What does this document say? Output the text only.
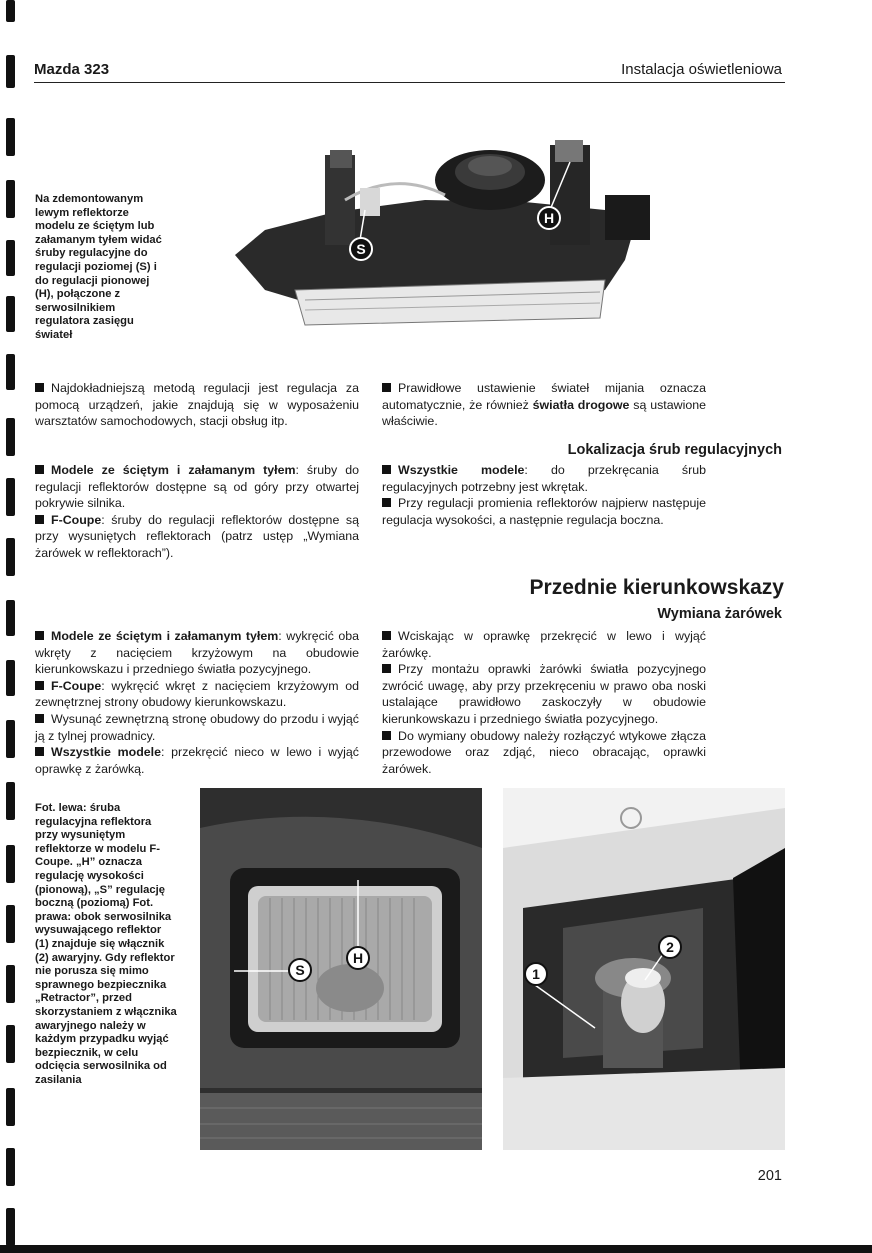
Mazda 323	Instalacja oświetleniowa
Na zdemontowanym lewym reflektorze modelu ze ściętym lub załamanym tyłem widać śruby regulacyjne do regulacji poziomej (S) i do regulacji pionowej (H), połączone z serwosilnikiem regulatora zasięgu świateł
S
H

Najdokładniejszą metodą regulacji jest regulacja za pomocą urządzeń, jakie znajdują się w wyposażeniu warsztatów samochodowych, stacji obsług itp.

Prawidłowe ustawienie świateł mijania oznacza automatycznie, że również światła drogowe są ustawione właściwie.

Lokalizacja śrub regulacyjnych

Modele ze ściętym i załamanym tyłem: śruby do regulacji reflektorów dostępne są od góry przy otwartej pokrywie silnika.

F-Coupe: śruby do regulacji reflektorów dostępne są przy wysuniętych reflektorach (patrz ustęp „Wymiana żarówek w reflektorach”).

Wszystkie modele: do przekręcania śrub regulacyjnych potrzebny jest wkrętak.

Przy regulacji promienia reflektorów najpierw następuje regulacja wysokości, a następnie regulacja boczna.

Przednie kierunkowskazy
Wymiana żarówek

Modele ze ściętym i załamanym tyłem: wykręcić oba wkręty z nacięciem krzyżowym na obudowie kierunkowskazu i przedniego światła pozycyjnego.

F-Coupe: wykręcić wkręt z nacięciem krzyżowym od zewnętrznej strony obudowy kierunkowskazu.

Wysunąć zewnętrzną stronę obudowy do przodu i wyjąć ją z tylnej prowadnicy.

Wszystkie modele: przekręcić nieco w lewo i wyjąć oprawkę z żarówką.

Wciskając w oprawkę przekręcić w lewo i wyjąć żarówkę.

Przy montażu oprawki żarówki światła pozycyjnego zwrócić uwagę, aby przy przekręceniu w prawo oba noski ustalające prawidłowo zaskoczyły w obudowie kierunkowskazu i przedniego światła pozycyjnego.

Do wymiany obudowy należy rozłączyć wtykowe złącza przewodowe oraz zdjąć, nieco obracając, oprawki żarówek.

Fot. lewa: śruba regulacyjna reflektora przy wysuniętym reflektorze w modelu F-Coupe. „H” oznacza regulację wysokości (pionową), „S” regulację boczną (poziomą) Fot. prawa: obok serwosilnika wysuwającego reflektor (1) znajduje się włącznik (2) awaryjny. Gdy reflektor nie porusza się mimo sprawnego bezpiecznika „Retractor”, przed skorzystaniem z włącznika awaryjnego należy w każdym przypadku wyjąć bezpiecznik, w celu odcięcia serwosilnika od zasilania
S
H
1
2
201
